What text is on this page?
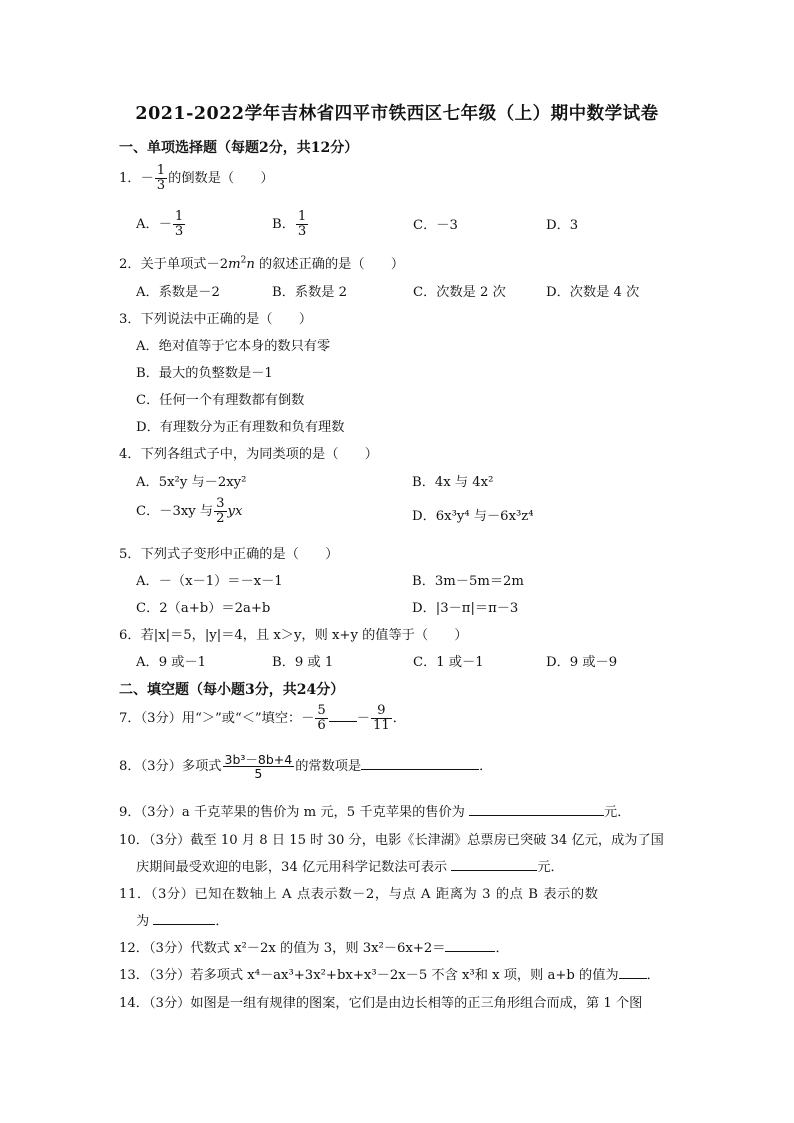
2021-2022学年吉林省四平市铁西区七年级（上）期中数学试卷
一、单项选择题（每题2分，共12分）
1．－ $\frac{1}{3}$ 的倒数是（　　）
A．－ $\frac{1}{3}$	B． $\frac{1}{3}$	C．－3	D．3
2．关于单项式$-2m^2n$ 的叙述正确的是（　　）
A．系数是－2	B．系数是 2	C．次数是 2 次	D．次数是 4 次
3．下列说法中正确的是（　　）
A．绝对值等于它本身的数只有零
B．最大的负整数是－1
C．任何一个有理数都有倒数
D．有理数分为正有理数和负有理数
4．下列各组式子中，为同类项的是（　　）
A．5x²y 与－2xy²	B．4x 与 4x²
C．－3xy 与 $\frac{3}{2}$ yx	D．6x³y⁴ 与－6x³z⁴
5．下列式子变形中正确的是（　　）
A．－（x－1）＝－x－1	B．3m－5m＝2m
C．2（a+b）＝2a+b	D．|3－π|＝π－3
6．若|x|＝5，|y|＝4，且 x＞y，则 x+y 的值等于（　　）
A．9 或－1	B．9 或 1	C．1 或－1	D．9 或－9
二、填空题（每小题3分，共24分）
7．（3分）用“＞”或“＜”填空：－ $\frac{5}{6} - \frac{9}{11}$ ．
8．（3分）多项式 $\frac{\text{3b³－8b+4}}{5}$ 的常数项是	．
9．（3分）a 千克苹果的售价为 m 元，5 千克苹果的售价为	元．
10．（3分）截至 10 月 8 日 15 时 30 分，电影《长津湖》总票房已突破 34 亿元，成为了国
庆期间最受欢迎的电影，34 亿元用科学记数法可表示	元．
11．（3分）已知在数轴上 A 点表示数－2，与点 A 距离为 3 的点 B 表示的数
为	．
12．（3分）代数式 x²－2x 的值为 3，则 3x²－6x+2＝	．
13．（3分）若多项式 x⁴－ax³+3x²+bx+x³－2x－5 不含 x³和 x 项，则 a+b 的值为 ．
14．（3分）如图是一组有规律的图案，它们是由边长相等的正三角形组合而成，第 1 个图
